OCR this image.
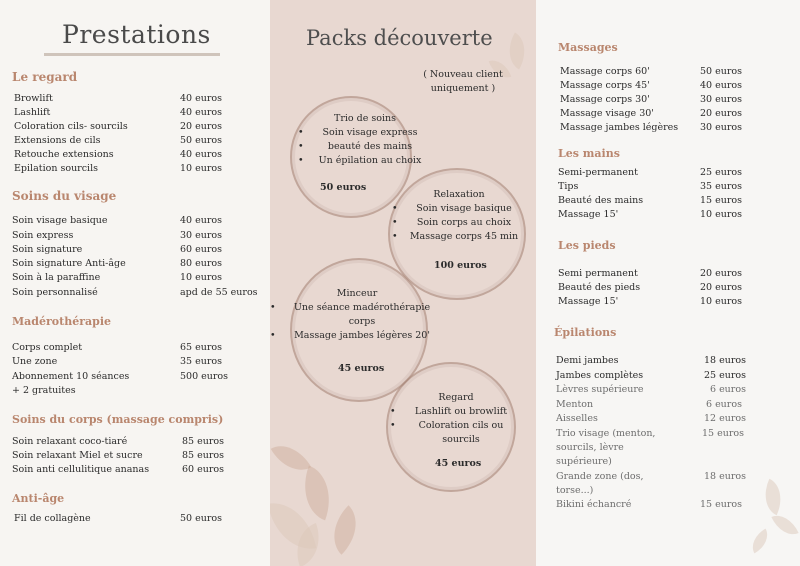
Prestations
Le regard
Browlift	40 euros
Lashlift	40 euros
Coloration cils- sourcils	20 euros
Extensions de cils	50 euros
Retouche extensions	40 euros
Epilation sourcils	10 euros
Soins du visage
Soin visage basique	40 euros
Soin express	30 euros
Soin signature	60 euros
Soin signature Anti-âge	80 euros
Soin à la paraffine	10 euros
Soin personnalisé	apd de 55 euros
Madérothérapie
Corps complet	65 euros
Une zone	35 euros
Abonnement 10 séances	500 euros
+ 2 gratuites
Soins du corps (massage compris)
Soin relaxant coco-tiaré	85 euros
Soin relaxant Miel et sucre	85 euros
Soin anti cellulitique ananas	60 euros
Anti-âge
Fil de collagène	50 euros
Packs découverte
( Nouveau client
uniquement )
Trio de soins
• Soin visage express
• beauté des mains
• Un épilation au choix
50 euros
Relaxation
• Soin visage basique
• Soin corps au choix
• Massage corps 45 min
100 euros
Minceur
• Une séance madérothérapie corps
• Massage jambes légères 20'
45 euros
Regard
• Lashlift ou browlift
• Coloration cils ou sourcils
45 euros
Massages
Massage corps 60'	50 euros
Massage corps 45'	40 euros
Massage corps 30'	30 euros
Massage visage 30'	20 euros
Massage jambes légères 30 euros
Les mains
Semi-permanent	25 euros
Tips	35 euros
Beauté des mains	15 euros
Massage 15'	10 euros
Les pieds
Semi permanent	20 euros
Beauté des pieds	20 euros
Massage 15'	10 euros
Épilations
Demi jambes	18 euros
Jambes complètes	25 euros
Lèvres supérieure	6 euros
Menton	6 euros
Aisselles	12 euros
Trio visage (menton,
sourcils, lèvre
supérieure)
15 euros
Grande zone (dos,
torse...)
18 euros
Bikini échancré	15 euros
